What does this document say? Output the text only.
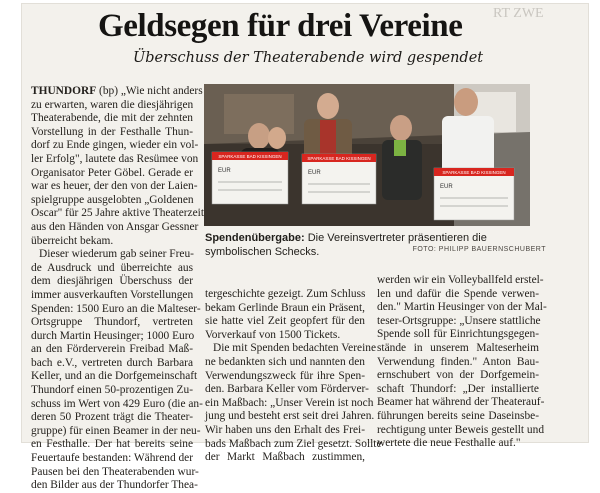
RT ZWE
Geldsegen für drei Vereine
Überschuss der Theaterabende wird gespendet
THUNDORF (bp) „Wie nicht anders
zu erwarten, waren die diesjährigen
Theaterabende, die mit der zehnten
Vorstellung in der Festhalle Thun-
dorf zu Ende gingen, wieder ein vol-
ler Erfolg", lautete das Resümee von
Organisator Peter Göbel. Gerade er
war es heuer, der den von der Laien-
spielgruppe ausgelobten „Goldenen
Oscar" für 25 Jahre aktive Theaterzeit
aus den Händen von Ansgar Gessner
überreicht bekam.
Dieser wiederum gab seiner Freu-
de Ausdruck und überreichte aus
dem diesjährigen Überschuss der
immer ausverkauften Vorstellungen
Spenden: 1500 Euro an die Malteser-
Ortsgruppe Thundorf, vertreten
durch Martin Heusinger; 1000 Euro
an den Förderverein Freibad Maß-
bach e.V., vertreten durch Barbara
Keller, und an die Dorfgemeinschaft
Thundorf einen 50-prozentigen Zu-
schuss im Wert von 429 Euro (die an-
deren 50 Prozent trägt die Theater-
gruppe) für einen Beamer in der neu-
en Festhalle. Der hat bereits seine
Feuertaufe bestanden: Während der
Pausen bei den Theaterabenden wur-
den Bilder aus der Thundorfer Thea-
SPARKASSE BAD KISSINGEN
EUR
SPARKASSE BAD KISSINGEN
EUR	SPARKASSE BAD KISSINGEN
EUR
Spendenübergabe: Die Vereinsvertreter präsentieren die symbolischen Schecks.	FOTO: PHILIPP BAUERNSCHUBERT
tergeschichte gezeigt. Zum Schluss
bekam Gerlinde Braun ein Präsent,
sie hatte viel Zeit geopfert für den
Vorverkauf von 1500 Tickets.
Die mit Spenden bedachten Vereine
ne bedankten sich und nannten den
Verwendungszweck für ihre Spen-
den. Barbara Keller vom Förderver-
ein Maßbach: „Unser Verein ist noch
jung und besteht erst seit drei Jahren.
Wir haben uns den Erhalt des Frei-
bads Maßbach zum Ziel gesetzt. Sollte
der Markt Maßbach zustimmen,
werden wir ein Volleyballfeld erstel-
len und dafür die Spende verwen-
den." Martin Heusinger von der Mal-
teser-Ortsgruppe: „Unsere stattliche
Spende soll für Einrichtungsgegen-
stände in unserem Malteserheim
Verwendung finden." Anton Bau-
ernschubert von der Dorfgemein-
schaft Thundorf: „Der installierte
Beamer hat während der Theaterauf-
führungen bereits seine Daseinsbe-
rechtigung unter Beweis gestellt und
wertete die neue Festhalle auf."
